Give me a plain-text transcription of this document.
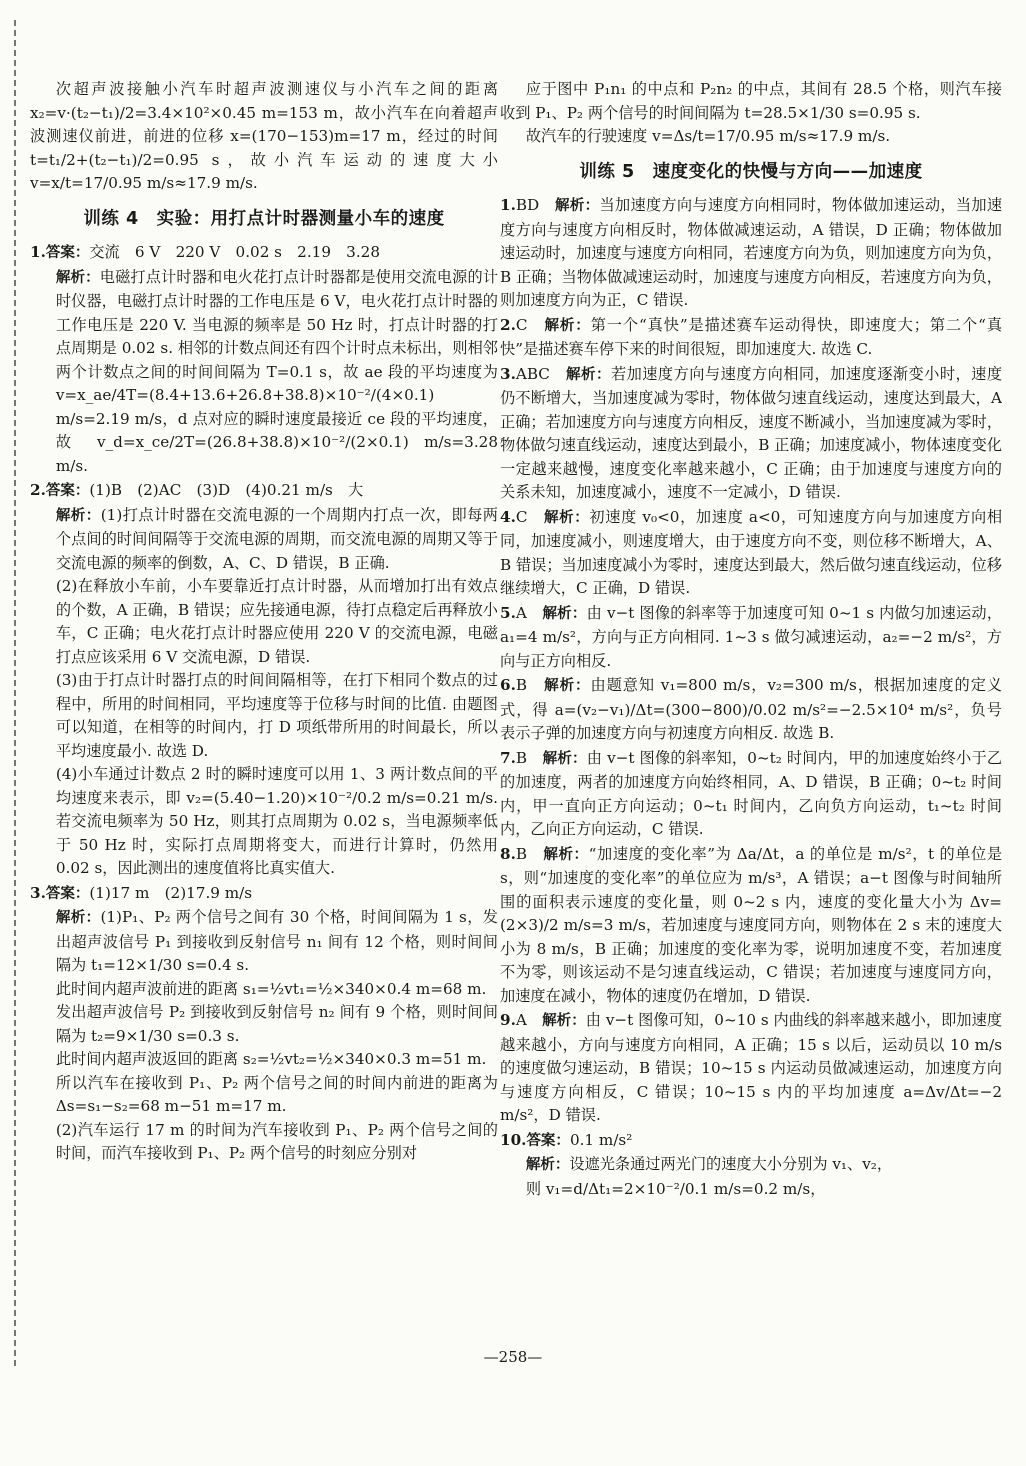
次超声波接触小汽车时超声波测速仪与小汽车之间的距离 x₂=v·(t₂−t₁)/2=3.4×10²×0.45 m=153 m，故小汽车在向着超声波测速仪前进，前进的位移 x=(170−153)m=17 m，经过的时间 t=t₁/2+(t₂−t₁)/2=0.95 s，故小汽车运动的速度大小 v=x/t=17/0.95 m/s≈17.9 m/s.

训练 4　实验：用打点计时器测量小车的速度

1.答案：交流　6 V　220 V　0.02 s　2.19　3.28

解析：电磁打点计时器和电火花打点计时器都是使用交流电源的计时仪器，电磁打点计时器的工作电压是 6 V，电火花打点计时器的工作电压是 220 V. 当电源的频率是 50 Hz 时，打点计时器的打点周期是 0.02 s. 相邻的计数点间还有四个计时点未标出，则相邻两个计数点之间的时间间隔为 T=0.1 s，故 ae 段的平均速度为 v=x_ae/4T=(8.4+13.6+26.8+38.8)×10⁻²/(4×0.1) m/s=2.19 m/s，d 点对应的瞬时速度最接近 ce 段的平均速度，故 v_d=x_ce/2T=(26.8+38.8)×10⁻²/(2×0.1) m/s=3.28 m/s.

2.答案：(1)B　(2)AC　(3)D　(4)0.21 m/s　大

解析：(1)打点计时器在交流电源的一个周期内打点一次，即每两个点间的时间间隔等于交流电源的周期，而交流电源的周期又等于交流电源的频率的倒数，A、C、D 错误，B 正确.

(2)在释放小车前，小车要靠近打点计时器，从而增加打出有效点的个数，A 正确，B 错误；应先接通电源，待打点稳定后再释放小车，C 正确；电火花打点计时器应使用 220 V 的交流电源，电磁打点应该采用 6 V 交流电源，D 错误.

(3)由于打点计时器打点的时间间隔相等，在打下相同个数点的过程中，所用的时间相同，平均速度等于位移与时间的比值. 由题图可以知道，在相等的时间内，打 D 项纸带所用的时间最长，所以平均速度最小. 故选 D.

(4)小车通过计数点 2 时的瞬时速度可以用 1、3 两计数点间的平均速度来表示，即 v₂=(5.40−1.20)×10⁻²/0.2 m/s=0.21 m/s. 若交流电频率为 50 Hz，则其打点周期为 0.02 s，当电源频率低于 50 Hz 时，实际打点周期将变大，而进行计算时，仍然用 0.02 s，因此测出的速度值将比真实值大.

3.答案：(1)17 m　(2)17.9 m/s

解析：(1)P₁、P₂ 两个信号之间有 30 个格，时间间隔为 1 s，发出超声波信号 P₁ 到接收到反射信号 n₁ 间有 12 个格，则时间间隔为 t₁=12×1/30 s=0.4 s.

此时间内超声波前进的距离 s₁=½vt₁=½×340×0.4 m=68 m.

发出超声波信号 P₂ 到接收到反射信号 n₂ 间有 9 个格，则时间间隔为 t₂=9×1/30 s=0.3 s.

此时间内超声波返回的距离 s₂=½vt₂=½×340×0.3 m=51 m.

所以汽车在接收到 P₁、P₂ 两个信号之间的时间内前进的距离为 Δs=s₁−s₂=68 m−51 m=17 m.

(2)汽车运行 17 m 的时间为汽车接收到 P₁、P₂ 两个信号之间的时间，而汽车接收到 P₁、P₂ 两个信号的时刻应分别对

应于图中 P₁n₁ 的中点和 P₂n₂ 的中点，其间有 28.5 个格，则汽车接收到 P₁、P₂ 两个信号的时间间隔为 t=28.5×1/30 s=0.95 s.

故汽车的行驶速度 v=Δs/t=17/0.95 m/s≈17.9 m/s.

训练 5　速度变化的快慢与方向——加速度

1.BD　 解析：当加速度方向与速度方向相同时，物体做加速运动，当加速度方向与速度方向相反时，物体做减速运动，A 错误，D 正确；物体做加速运动时，加速度与速度方向相同，若速度方向为负，则加速度方向为负，B 正确；当物体做减速运动时，加速度与速度方向相反，若速度方向为负，则加速度方向为正，C 错误.

2.C　 解析：第一个“真快”是描述赛车运动得快，即速度大；第二个“真快”是描述赛车停下来的时间很短，即加速度大. 故选 C.

3.ABC　 解析：若加速度方向与速度方向相同，加速度逐渐变小时，速度仍不断增大，当加速度减为零时，物体做匀速直线运动，速度达到最大，A 正确；若加速度方向与速度方向相反，速度不断减小，当加速度减为零时，物体做匀速直线运动，速度达到最小，B 正确；加速度减小，物体速度变化一定越来越慢，速度变化率越来越小，C 正确；由于加速度与速度方向的关系未知，加速度减小，速度不一定减小，D 错误.

4.C　 解析：初速度 v₀<0，加速度 a<0，可知速度方向与加速度方向相同，加速度减小，则速度增大，由于速度方向不变，则位移不断增大，A、B 错误；当加速度减小为零时，速度达到最大，然后做匀速直线运动，位移继续增大，C 正确，D 错误.

5.A　 解析：由 v−t 图像的斜率等于加速度可知 0~1 s 内做匀加速运动，a₁=4 m/s²，方向与正方向相同. 1~3 s 做匀减速运动，a₂=−2 m/s²，方向与正方向相反.

6.B　 解析：由题意知 v₁=800 m/s，v₂=300 m/s，根据加速度的定义式，得 a=(v₂−v₁)/Δt=(300−800)/0.02 m/s²=−2.5×10⁴ m/s²，负号表示子弹的加速度方向与初速度方向相反. 故选 B.

7.B　 解析：由 v−t 图像的斜率知，0~t₂ 时间内，甲的加速度始终小于乙的加速度，两者的加速度方向始终相同，A、D 错误，B 正确；0~t₂ 时间内，甲一直向正方向运动；0~t₁ 时间内，乙向负方向运动，t₁~t₂ 时间内，乙向正方向运动，C 错误.

8.B　 解析：“加速度的变化率”为 Δa/Δt，a 的单位是 m/s²，t 的单位是 s，则“加速度的变化率”的单位应为 m/s³，A 错误；a−t 图像与时间轴所围的面积表示速度的变化量，则 0~2 s 内，速度的变化量大小为 Δv=(2×3)/2 m/s=3 m/s，若加速度与速度同方向，则物体在 2 s 末的速度大小为 8 m/s，B 正确；加速度的变化率为零，说明加速度不变，若加速度不为零，则该运动不是匀速直线运动，C 错误；若加速度与速度同方向，加速度在减小，物体的速度仍在增加，D 错误.

9.A　 解析：由 v−t 图像可知，0~10 s 内曲线的斜率越来越小，即加速度越来越小，方向与速度方向相同，A 正确；15 s 以后，运动员以 10 m/s 的速度做匀速运动，B 错误；10~15 s 内运动员做减速运动，加速度方向与速度方向相反，C 错误；10~15 s 内的平均加速度 a=Δv/Δt=−2 m/s²，D 错误.

10.答案：0.1 m/s²

解析：设遮光条通过两光门的速度大小分别为 v₁、v₂，

则 v₁=d/Δt₁=2×10⁻²/0.1 m/s=0.2 m/s，

—258—
